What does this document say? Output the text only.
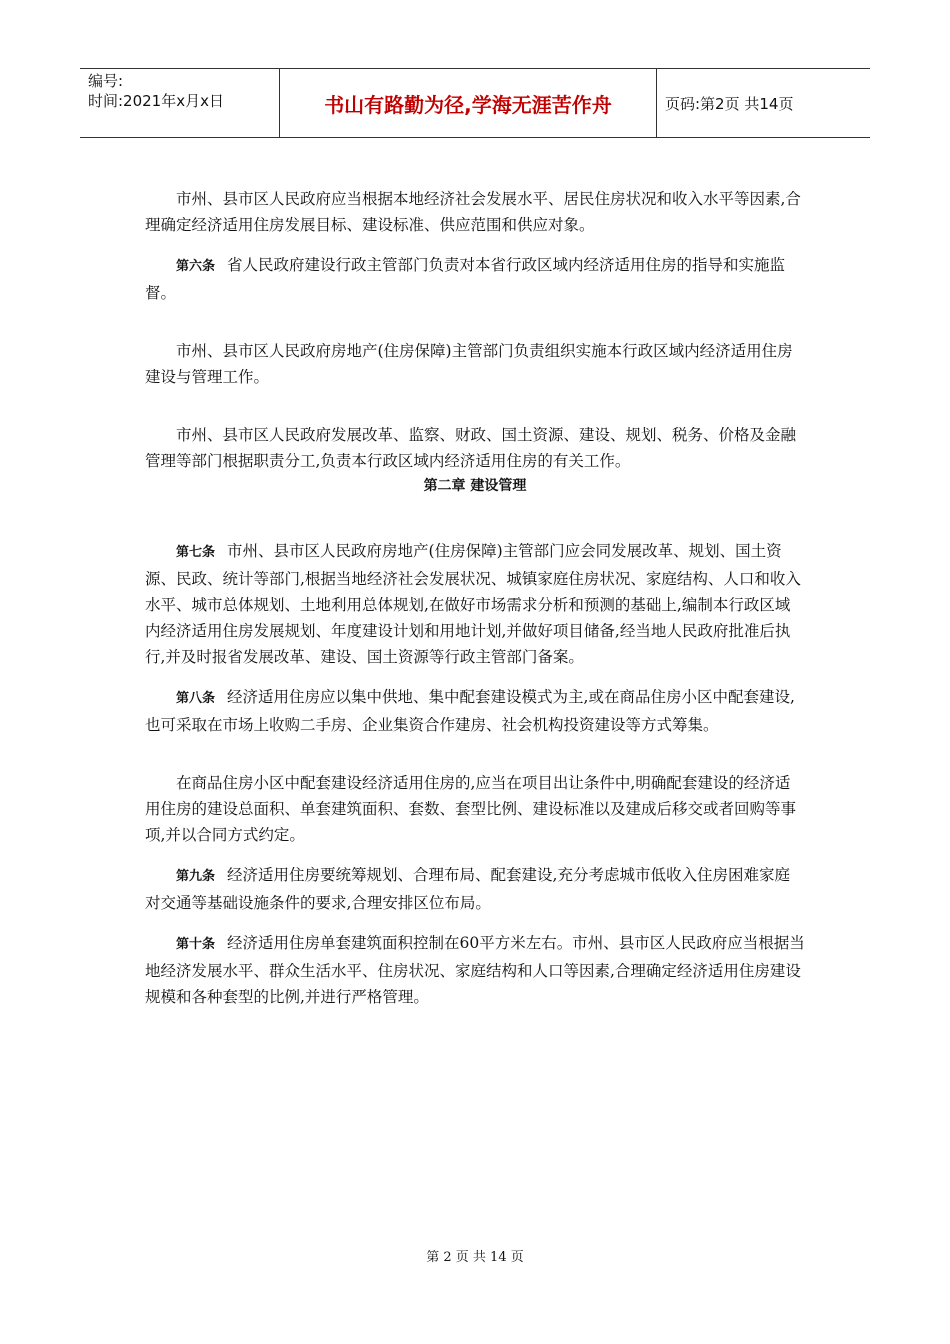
编号:
时间:2021年x月x日	书山有路勤为径,学海无涯苦作舟	页码:第2页 共14页

市州、县市区人民政府应当根据本地经济社会发展水平、居民住房状况和收入水平等因素,合理确定经济适用住房发展目标、建设标准、供应范围和供应对象。

第六条 省人民政府建设行政主管部门负责对本省行政区域内经济适用住房的指导和实施监督。

市州、县市区人民政府房地产(住房保障)主管部门负责组织实施本行政区域内经济适用住房建设与管理工作。

市州、县市区人民政府发展改革、监察、财政、国土资源、建设、规划、税务、价格及金融管理等部门根据职责分工,负责本行政区域内经济适用住房的有关工作。

第二章 建设管理

第七条 市州、县市区人民政府房地产(住房保障)主管部门应会同发展改革、规划、国土资源、民政、统计等部门,根据当地经济社会发展状况、城镇家庭住房状况、家庭结构、人口和收入水平、城市总体规划、土地利用总体规划,在做好市场需求分析和预测的基础上,编制本行政区域内经济适用住房发展规划、年度建设计划和用地计划,并做好项目储备,经当地人民政府批准后执行,并及时报省发展改革、建设、国土资源等行政主管部门备案。

第八条 经济适用住房应以集中供地、集中配套建设模式为主,或在商品住房小区中配套建设,也可采取在市场上收购二手房、企业集资合作建房、社会机构投资建设等方式筹集。

在商品住房小区中配套建设经济适用住房的,应当在项目出让条件中,明确配套建设的经济适用住房的建设总面积、单套建筑面积、套数、套型比例、建设标准以及建成后移交或者回购等事项,并以合同方式约定。

第九条 经济适用住房要统筹规划、合理布局、配套建设,充分考虑城市低收入住房困难家庭对交通等基础设施条件的要求,合理安排区位布局。

第十条 经济适用住房单套建筑面积控制在60平方米左右。市州、县市区人民政府应当根据当地经济发展水平、群众生活水平、住房状况、家庭结构和人口等因素,合理确定经济适用住房建设规模和各种套型的比例,并进行严格管理。

第 2 页 共 14 页
